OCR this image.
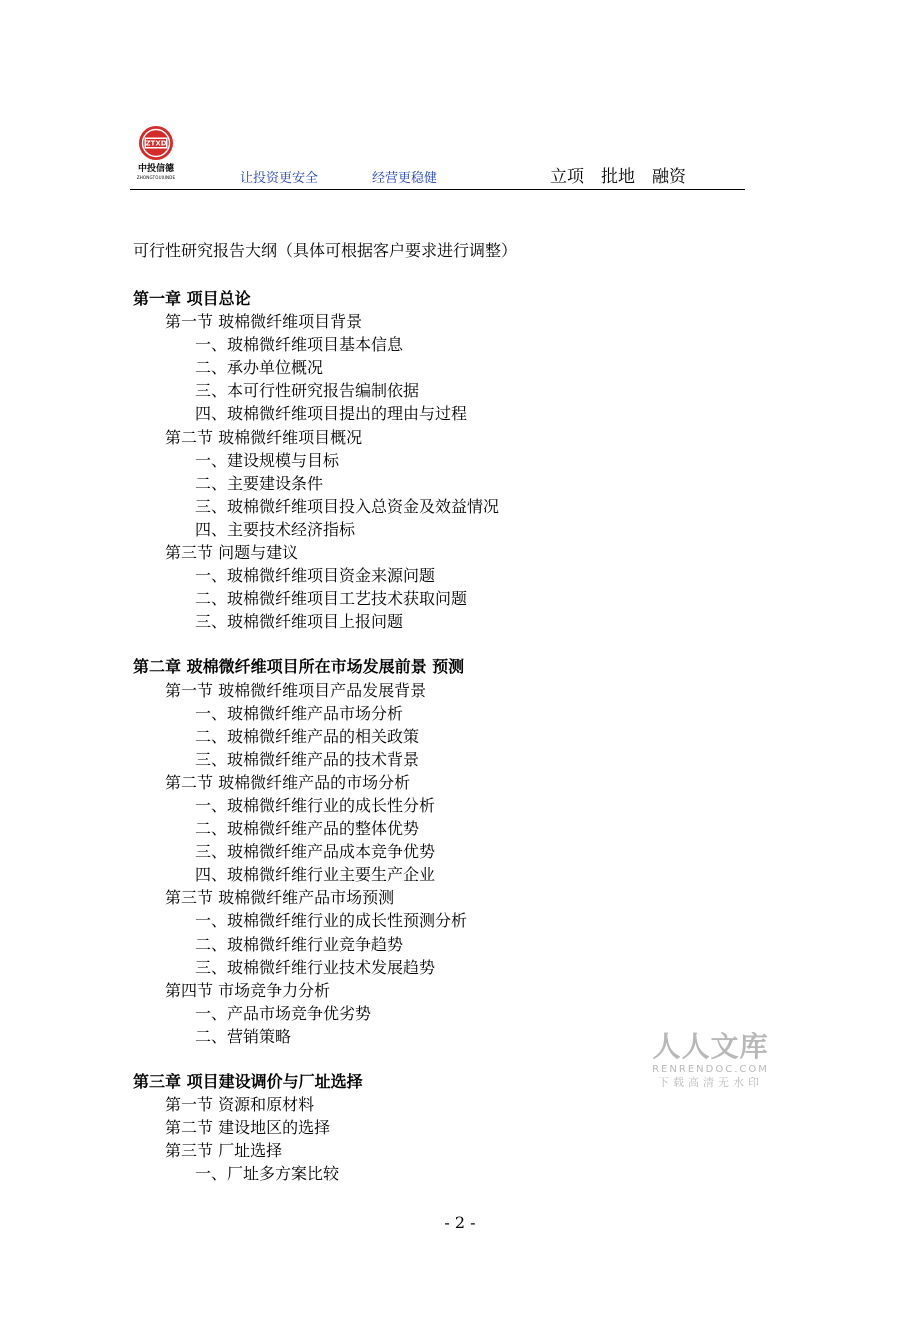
ZTXD
中投信德
ZHONGTOUXINDE	让投资更安全	经营更稳健	立项 批地 融资
可行性研究报告大纲（具体可根据客户要求进行调整）
第一章 项目总论
第一节 玻棉微纤维项目背景
一、玻棉微纤维项目基本信息
二、承办单位概况
三、本可行性研究报告编制依据
四、玻棉微纤维项目提出的理由与过程
第二节 玻棉微纤维项目概况
一、建设规模与目标
二、主要建设条件
三、玻棉微纤维项目投入总资金及效益情况
四、主要技术经济指标
第三节 问题与建议
一、玻棉微纤维项目资金来源问题
二、玻棉微纤维项目工艺技术获取问题
三、玻棉微纤维项目上报问题
第二章 玻棉微纤维项目所在市场发展前景 预测
第一节 玻棉微纤维项目产品发展背景
一、玻棉微纤维产品市场分析
二、玻棉微纤维产品的相关政策
三、玻棉微纤维产品的技术背景
第二节 玻棉微纤维产品的市场分析
一、玻棉微纤维行业的成长性分析
二、玻棉微纤维产品的整体优势
三、玻棉微纤维产品成本竞争优势
四、玻棉微纤维行业主要生产企业
第三节 玻棉微纤维产品市场预测
一、玻棉微纤维行业的成长性预测分析
二、玻棉微纤维行业竞争趋势
三、玻棉微纤维行业技术发展趋势
第四节 市场竞争力分析
一、产品市场竞争优劣势
二、营销策略
第三章 项目建设调价与厂址选择
第一节 资源和原材料
第二节 建设地区的选择
第三节 厂址选择
一、厂址多方案比较
人人文库
RENRENDOC.COM
下载高清无水印
- 2 -
